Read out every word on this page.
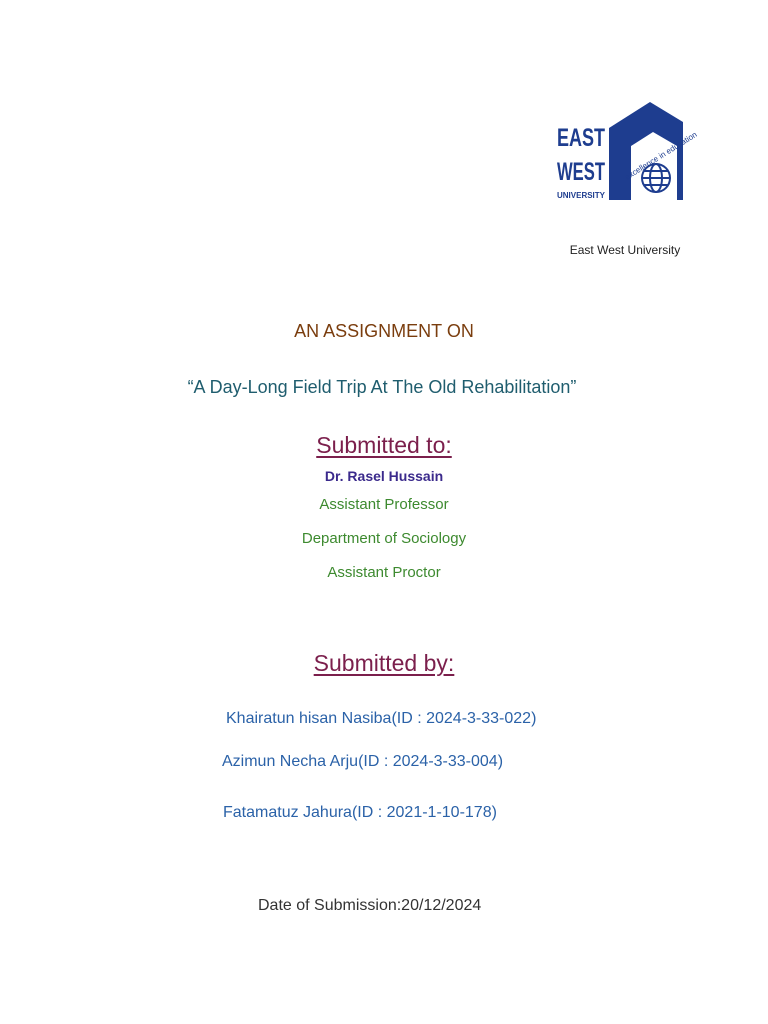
EAST
WEST
UNIVERSITY
excellence in education
East West University
AN ASSIGNMENT ON
“A Day-Long Field Trip At The Old Rehabilitation”
Submitted to:
Dr. Rasel Hussain
Assistant Professor
Department of Sociology
Assistant Proctor
Submitted by:
Khairatun hisan Nasiba(ID : 2024-3-33-022)
Azimun Necha Arju(ID : 2024-3-33-004)
Fatamatuz Jahura(ID : 2021-1-10-178)
Date of Submission:20/12/2024
